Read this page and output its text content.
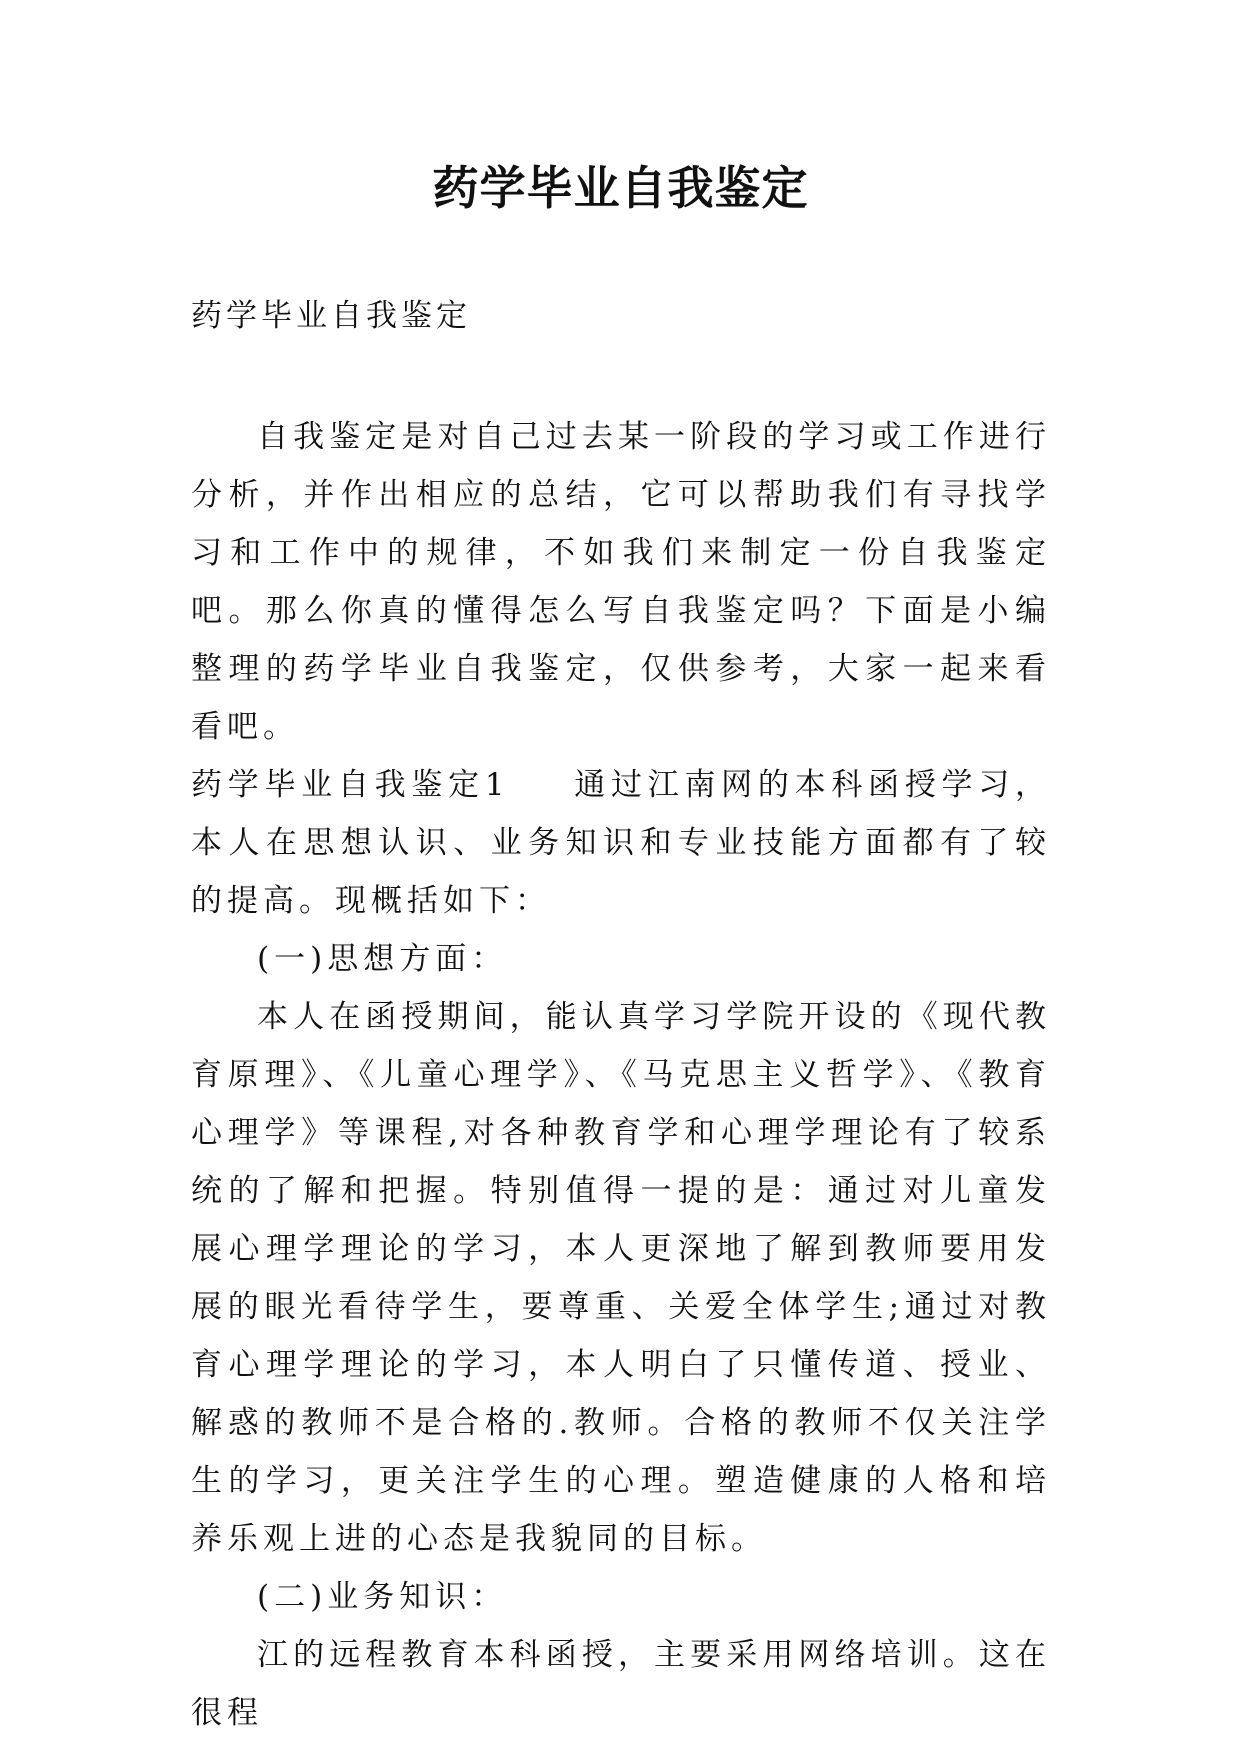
药学毕业自我鉴定

药学毕业自我鉴定

自我鉴定是对自己过去某一阶段的学习或工作进行分析，并作出相应的总结，它可以帮助我们有寻找学习和工作中的规律，不如我们来制定一份自我鉴定吧。那么你真的懂得怎么写自我鉴定吗？下面是小编整理的药学毕业自我鉴定，仅供参考，大家一起来看看吧。

药学毕业自我鉴定1 通过江南网的本科函授学习，本人在思想认识、业务知识和专业技能方面都有了较的提高。现概括如下：

(一)思想方面：

本人在函授期间，能认真学习学院开设的《现代教育原理》、《儿童心理学》、《马克思主义哲学》、《教育心理学》等课程,对各种教育学和心理学理论有了较系统的了解和把握。特别值得一提的是：通过对儿童发展心理学理论的学习，本人更深地了解到教师要用发展的眼光看待学生，要尊重、关爱全体学生;通过对教育心理学理论的学习，本人明白了只懂传道、授业、解惑的教师不是合格的.教师。合格的教师不仅关注学生的学习，更关注学生的心理。塑造健康的人格和培养乐观上进的心态是我貌同的目标。

(二)业务知识：

江的远程教育本科函授，主要采用网络培训。这在很程
